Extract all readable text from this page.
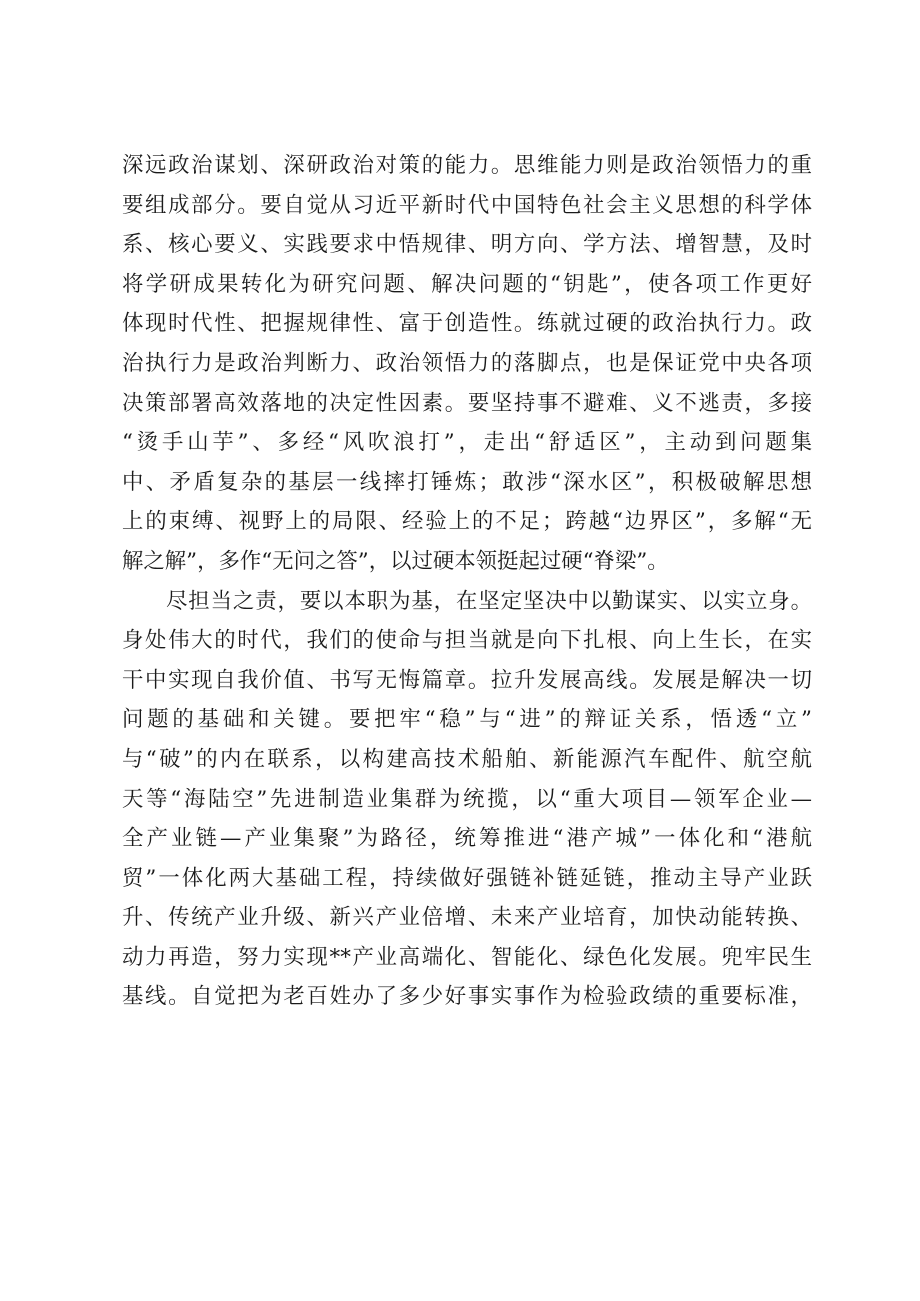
深远政治谋划、深研政治对策的能力。思维能力则是政治领悟力的重
要组成部分。要自觉从习近平新时代中国特色社会主义思想的科学体
系、核心要义、实践要求中悟规律、明方向、学方法、增智慧，及时
将学研成果转化为研究问题、解决问题的“钥匙”，使各项工作更好
体现时代性、把握规律性、富于创造性。练就过硬的政治执行力。政
治执行力是政治判断力、政治领悟力的落脚点，也是保证党中央各项
决策部署高效落地的决定性因素。要坚持事不避难、义不逃责，多接
“烫手山芋”、多经“风吹浪打”，走出“舒适区”，主动到问题集
中、矛盾复杂的基层一线摔打锤炼；敢涉“深水区”，积极破解思想
上的束缚、视野上的局限、经验上的不足；跨越“边界区”，多解“无
解之解”，多作“无问之答”，以过硬本领挺起过硬“脊梁”。
尽担当之责，要以本职为基，在坚定坚决中以勤谋实、以实立身。
身处伟大的时代，我们的使命与担当就是向下扎根、向上生长，在实
干中实现自我价值、书写无悔篇章。拉升发展高线。发展是解决一切
问题的基础和关键。要把牢“稳”与“进”的辩证关系，悟透“立”
与“破”的内在联系，以构建高技术船舶、新能源汽车配件、航空航
天等“海陆空”先进制造业集群为统揽，以“重大项目—领军企业—
全产业链—产业集聚”为路径，统筹推进“港产城”一体化和“港航
贸”一体化两大基础工程，持续做好强链补链延链，推动主导产业跃
升、传统产业升级、新兴产业倍增、未来产业培育，加快动能转换、
动力再造，努力实现**产业高端化、智能化、绿色化发展。兜牢民生
基线。自觉把为老百姓办了多少好事实事作为检验政绩的重要标准，
